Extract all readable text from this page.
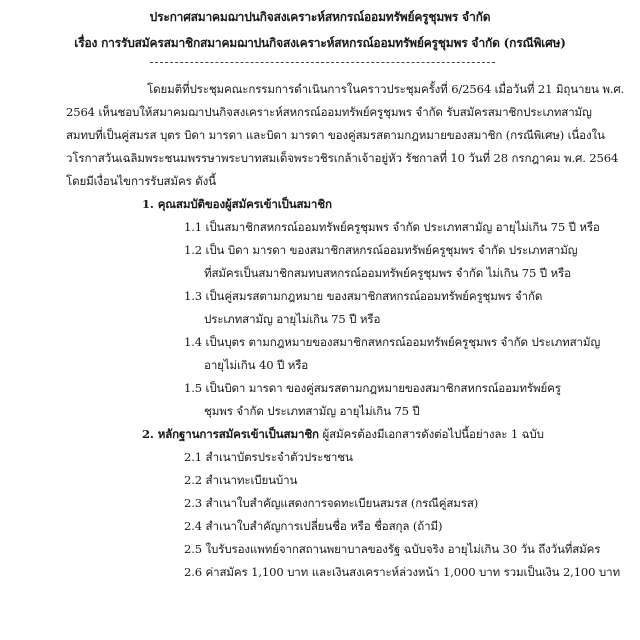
ประกาศสมาคมฌาปนกิจสงเคราะห์สหกรณ์ออมทรัพย์ครูชุมพร จำกัด
เรื่อง การรับสมัครสมาชิกสมาคมฌาปนกิจสงเคราะห์สหกรณ์ออมทรัพย์ครูชุมพร จำกัด (กรณีพิเศษ)
โดยมติที่ประชุมคณะกรรมการดำเนินการในคราวประชุมครั้งที่ 6/2564 เมื่อวันที่ 21 มิถุนายน พ.ศ.
2564 เห็นชอบให้สมาคมฌาปนกิจสงเคราะห์สหกรณ์ออมทรัพย์ครูชุมพร จำกัด รับสมัครสมาชิกประเภทสามัญ
สมทบที่เป็นคู่สมรส บุตร บิดา มารดา และบิดา มารดา ของคู่สมรสตามกฎหมายของสมาชิก (กรณีพิเศษ) เนื่องใน
วโรกาสวันเฉลิมพระชนมพรรษาพระบาทสมเด็จพระวชิรเกล้าเจ้าอยู่หัว รัชกาลที่ 10 วันที่ 28 กรกฎาคม พ.ศ. 2564
โดยมีเงื่อนไขการรับสมัคร ดังนี้
1. คุณสมบัติของผู้สมัครเข้าเป็นสมาชิก
1.1 เป็นสมาชิกสหกรณ์ออมทรัพย์ครูชุมพร จำกัด ประเภทสามัญ อายุไม่เกิน 75 ปี หรือ
1.2 เป็น บิดา มารดา ของสมาชิกสหกรณ์ออมทรัพย์ครูชุมพร จำกัด ประเภทสามัญ
ที่สมัครเป็นสมาชิกสมทบสหกรณ์ออมทรัพย์ครูชุมพร จำกัด ไม่เกิน 75 ปี หรือ
1.3 เป็นคู่สมรสตามกฎหมาย ของสมาชิกสหกรณ์ออมทรัพย์ครูชุมพร จำกัด
ประเภทสามัญ อายุไม่เกิน 75 ปี หรือ
1.4 เป็นบุตร ตามกฎหมายของสมาชิกสหกรณ์ออมทรัพย์ครูชุมพร จำกัด ประเภทสามัญ
อายุไม่เกิน 40 ปี หรือ
1.5 เป็นบิดา มารดา ของคู่สมรสตามกฎหมายของสมาชิกสหกรณ์ออมทรัพย์ครู
ชุมพร จำกัด ประเภทสามัญ อายุไม่เกิน 75 ปี
2. หลักฐานการสมัครเข้าเป็นสมาชิก ผู้สมัครต้องมีเอกสารดังต่อไปนี้อย่างละ 1 ฉบับ
2.1 สำเนาบัตรประจำตัวประชาชน
2.2 สำเนาทะเบียนบ้าน
2.3 สำเนาใบสำคัญแสดงการจดทะเบียนสมรส (กรณีคู่สมรส)
2.4 สำเนาใบสำคัญการเปลี่ยนชื่อ หรือ ชื่อสกุล (ถ้ามี)
2.5 ใบรับรองแพทย์จากสถานพยาบาลของรัฐ ฉบับจริง อายุไม่เกิน 30 วัน ถึงวันที่สมัคร
2.6 ค่าสมัคร 1,100 บาท และเงินสงเคราะห์ล่วงหน้า 1,000 บาท รวมเป็นเงิน 2,100 บาท
